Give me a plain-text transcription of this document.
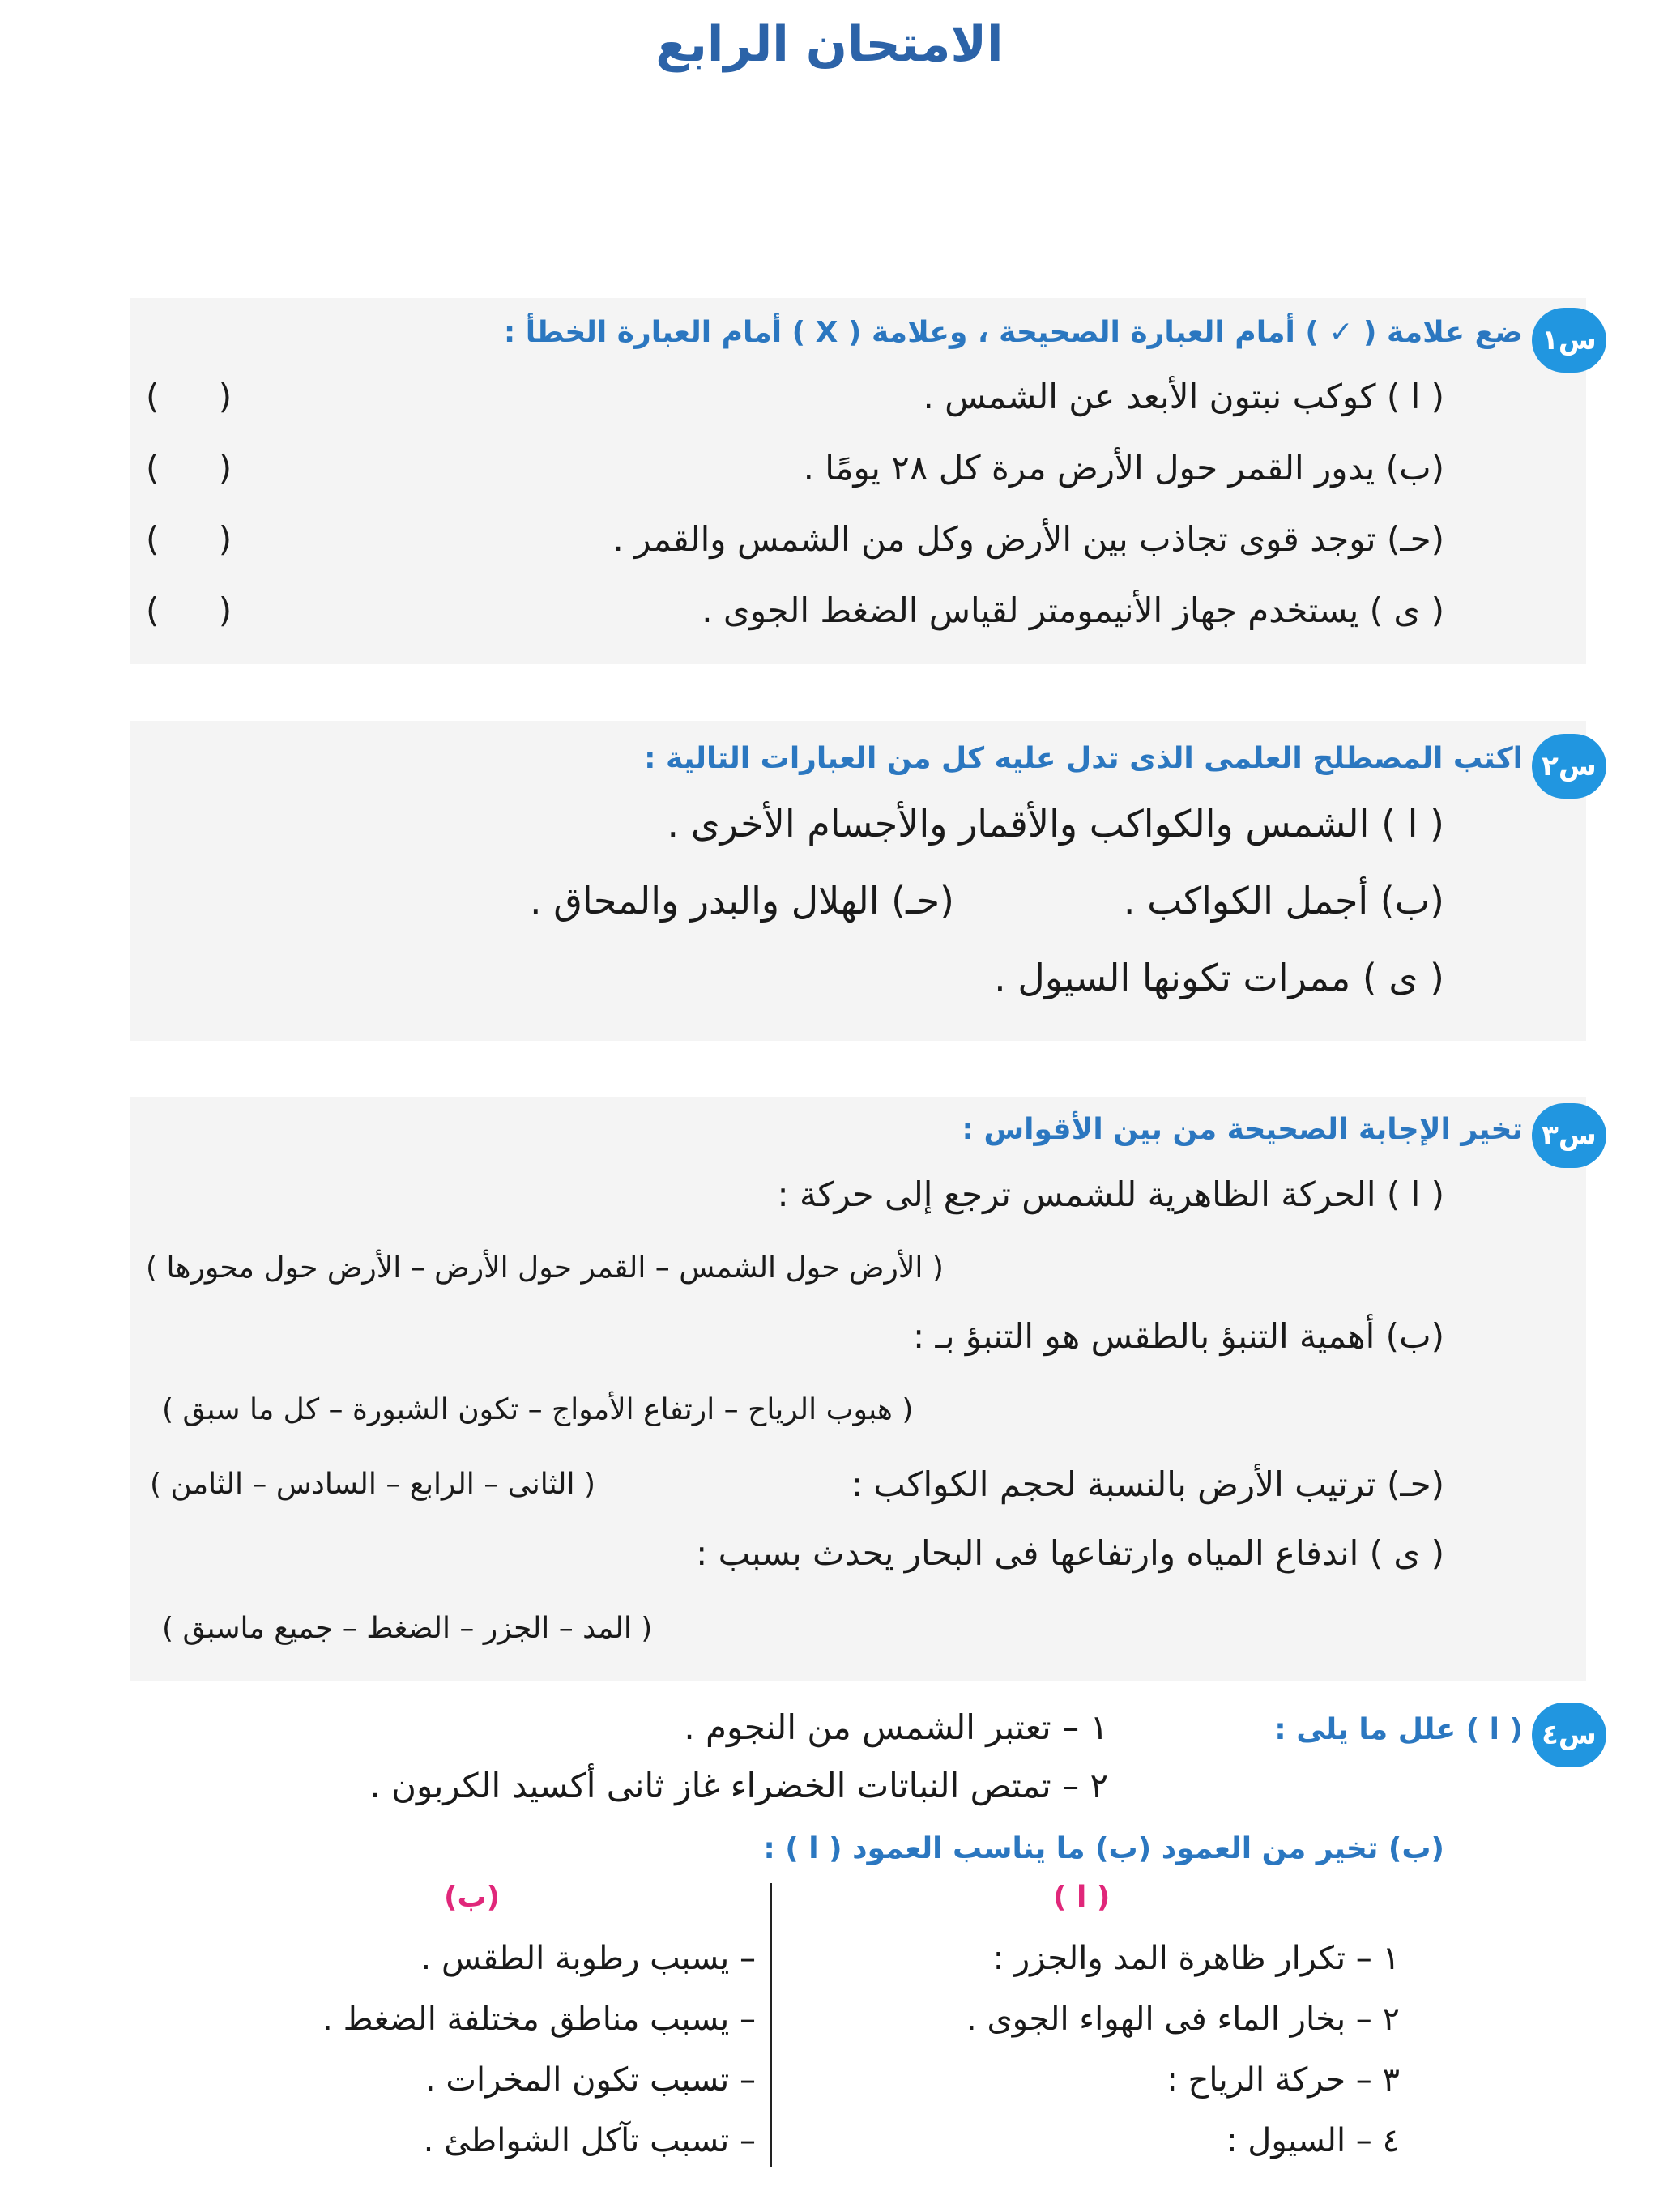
الامتحان الرابع
س١
ضع علامة ( ✓ ) أمام العبارة الصحيحة ، وعلامة ( X ) أمام العبارة الخطأ :
( ا ) كوكب نبتون الأبعد عن الشمس .
( )
(ب) يدور القمر حول الأرض مرة كل ٢٨ يومًا .
( )
(حـ) توجد قوى تجاذب بين الأرض وكل من الشمس والقمر .
( )
( ى ) يستخدم جهاز الأنيمومتر لقياس الضغط الجوى .
( )
س٢
اكتب المصطلح العلمى الذى تدل عليه كل من العبارات التالية :
( ا ) الشمس والكواكب والأقمار والأجسام الأخرى .
(ب) أجمل الكواكب .
(حـ) الهلال والبدر والمحاق .
( ى ) ممرات تكونها السيول .
س٣
تخير الإجابة الصحيحة من بين الأقواس :
( ا ) الحركة الظاهرية للشمس ترجع إلى حركة :
( الأرض حول الشمس – القمر حول الأرض – الأرض حول محورها )
(ب) أهمية التنبؤ بالطقس هو التنبؤ بـ :
( هبوب الرياح – ارتفاع الأمواج – تكون الشبورة – كل ما سبق )
(حـ) ترتيب الأرض بالنسبة لحجم الكواكب :
( الثانى – الرابع – السادس – الثامن )
( ى ) اندفاع المياه وارتفاعها فى البحار يحدث بسبب :
( المد – الجزر – الضغط – جميع ماسبق )
س٤
( ا ) علل ما يلى :
١ – تعتبر الشمس من النجوم .
٢ – تمتص النباتات الخضراء غاز ثانى أكسيد الكربون .
(ب) تخير من العمود (ب) ما يناسب العمود ( ا ) :
( ا )
(ب)
١ – تكرار ظاهرة المد والجزر :
٢ – بخار الماء فى الهواء الجوى .
٣ – حركة الرياح :
٤ – السيول :
– يسبب رطوبة الطقس .
– يسبب مناطق مختلفة الضغط .
– تسبب تكون المخرات .
– تسبب تآكل الشواطئ .
